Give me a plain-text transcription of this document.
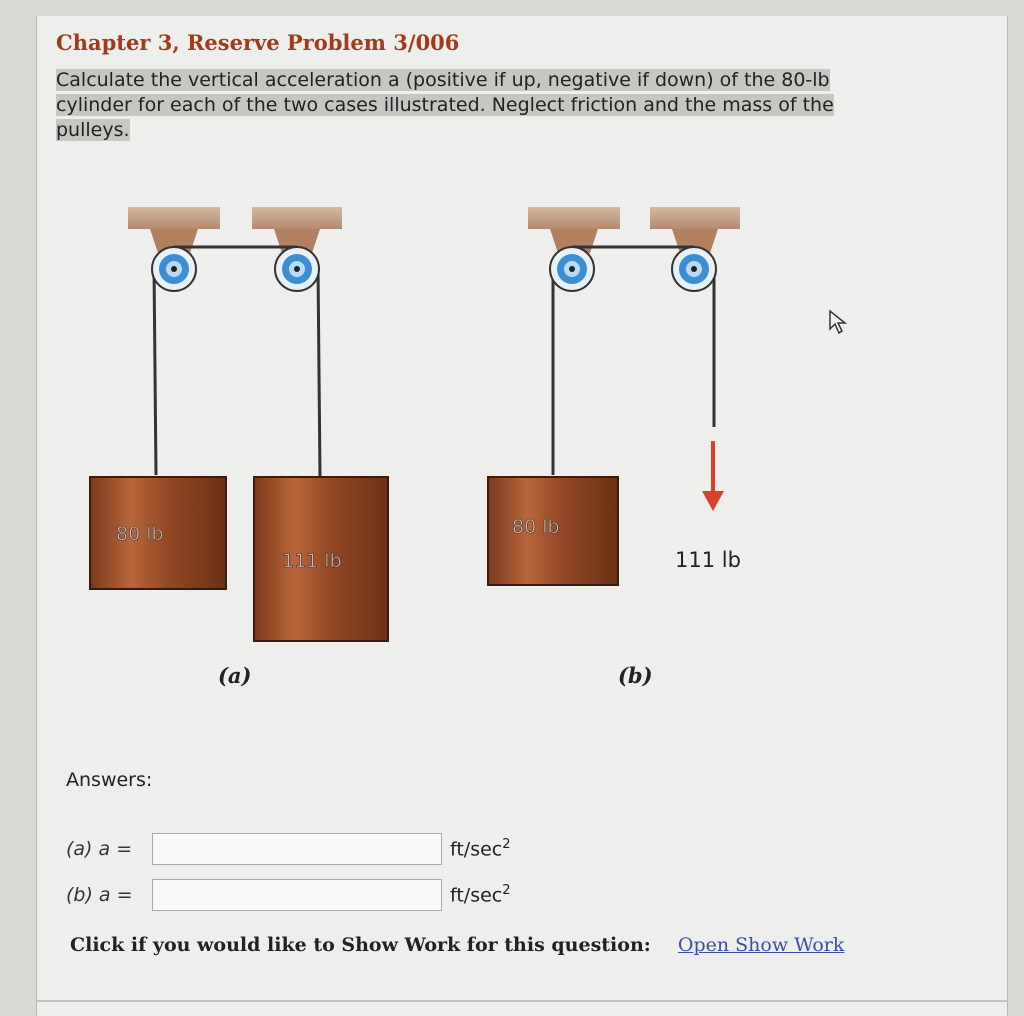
Chapter 3, Reserve Problem 3/006

Calculate the vertical acceleration a (positive if up, negative if down) of the 80-lb
cylinder for each of the two cases illustrated. Neglect friction and the mass of the
pulleys.

80 lb
111 lb
(a)
80 lb
111 lb
(b)

Answers:

(a) a =	$ft/\sec^2$
(b) a =	$ft/\sec^2$
Click if you would like to Show Work for this question: Open Show Work
